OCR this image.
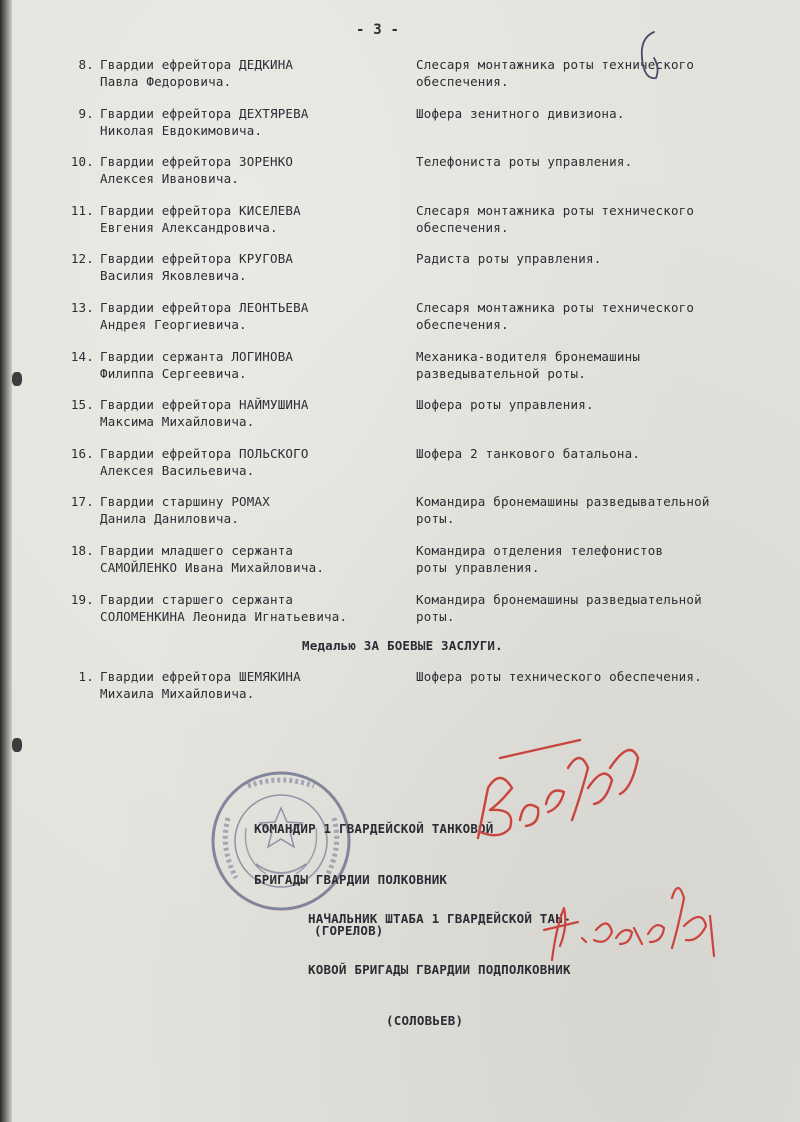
- 3 -
8. Гвардии ефрейтора ДЕДКИНА
Павла Федоровича.
Слесаря монтажника роты технического
обеспечения.
9. Гвардии ефрейтора ДЕХТЯРЕВА
Николая Евдокимовича.
Шофера зенитного дивизиона.
10. Гвардии ефрейтора ЗОРЕНКО
Алексея Ивановича.
Телефониста роты управления.
11. Гвардии ефрейтора КИСЕЛЕВА
Евгения Александровича.
Слесаря монтажника роты технического
обеспечения.
12. Гвардии ефрейтора КРУГОВА
Василия Яковлевича.
Радиста роты управления.
13. Гвардии ефрейтора ЛЕОНТЬЕВА
Андрея Георгиевича.
Слесаря монтажника роты технического
обеспечения.
14. Гвардии сержанта ЛОГИНОВА
Филиппа Сергеевича.
Механика-водителя бронемашины
разведывательной роты.
15. Гвардии ефрейтора НАЙМУШИНА
Максима Михайловича.
Шофера роты управления.
16. Гвардии ефрейтора ПОЛЬСКОГО
Алексея Васильевича.
Шофера 2 танкового батальона.
17. Гвардии старшину РОМАХ
Данила Даниловича.
Командира бронемашины разведывательной
роты.
18. Гвардии младшего сержанта
САМОЙЛЕНКО Ивана Михайловича.
Командира отделения телефонистов
роты управления.
19. Гвардии старшего сержанта
СОЛОМЕНКИНА Леонида Игнатьевича.
Командира бронемашины разведыательной
роты.
Медалью ЗА БОЕВЫЕ ЗАСЛУГИ.
1. Гвардии ефрейтора ШЕМЯКИНА
Михаила Михайловича.
Шофера роты технического обеспечения.

КОМАНДИР 1 ГВАРДЕЙСКОЙ ТАНКОВОЙ

БРИГАДЫ ГВАРДИИ ПОЛКОВНИК

(ГОРЕЛОВ)

НАЧАЛЬНИК ШТАБА 1 ГВАРДЕЙСКОЙ ТАН-

КОВОЙ БРИГАДЫ ГВАРДИИ ПОДПОЛКОВНИК

(СОЛОВЬЕВ)
